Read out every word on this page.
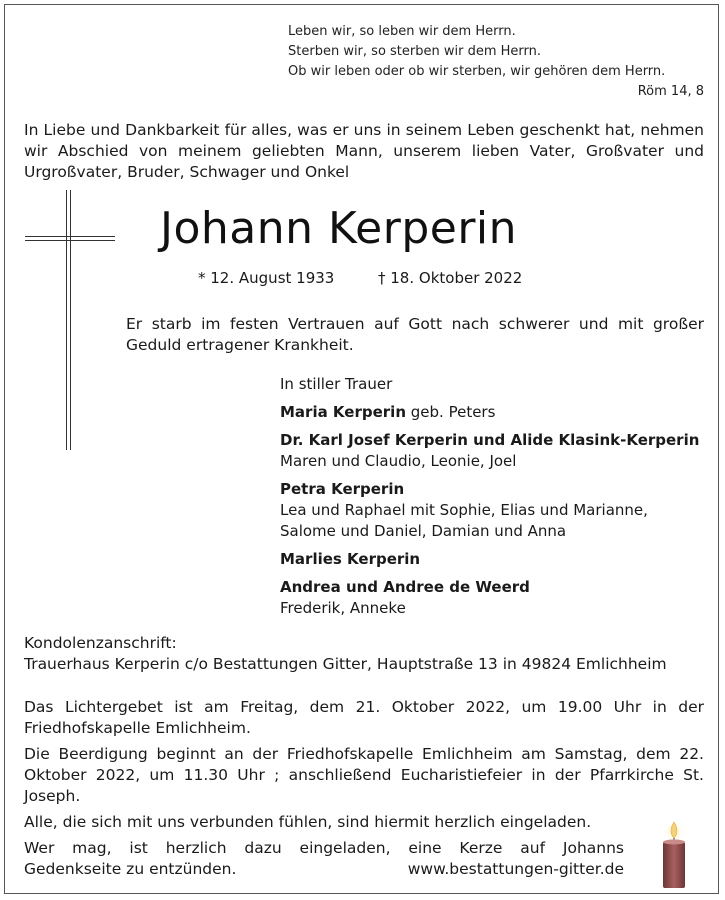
Leben wir, so leben wir dem Herrn.
Sterben wir, so sterben wir dem Herrn.
Ob wir leben oder ob wir sterben, wir gehören dem Herrn.
Röm 14, 8
In Liebe und Dankbarkeit für alles, was er uns in seinem Leben geschenkt hat, nehmen wir Abschied von meinem geliebten Mann, unserem lieben Vater, Großvater und Urgroßvater, Bruder, Schwager und Onkel
Johann Kerperin
* 12. August 1933	† 18. Oktober 2022
Er starb im festen Vertrauen auf Gott nach schwerer und mit großer Geduld ertragener Krankheit.
In stiller Trauer
Maria Kerperin geb. Peters
Dr. Karl Josef Kerperin und Alide Klasink-Kerperin
Maren und Claudio, Leonie, Joel
Petra Kerperin
Lea und Raphael mit Sophie, Elias und Marianne,
Salome und Daniel, Damian und Anna
Marlies Kerperin
Andrea und Andree de Weerd
Frederik, Anneke
Kondolenzanschrift:
Trauerhaus Kerperin c/o Bestattungen Gitter, Hauptstraße 13 in 49824 Emlichheim

Das Lichtergebet ist am Freitag, dem 21. Oktober 2022, um 19.00 Uhr in der Friedhofskapelle Emlichheim.

Die Beerdigung beginnt an der Friedhofskapelle Emlichheim am Samstag, dem 22. Oktober 2022, um 11.30 Uhr ; anschließend Eucharistiefeier in der Pfarrkirche St. Joseph.

Alle, die sich mit uns verbunden fühlen, sind hiermit herzlich eingeladen.

Wer mag, ist herzlich dazu eingeladen, eine Kerze auf Johanns
Gedenkseite zu entzünden.	www.bestattungen-gitter.de
